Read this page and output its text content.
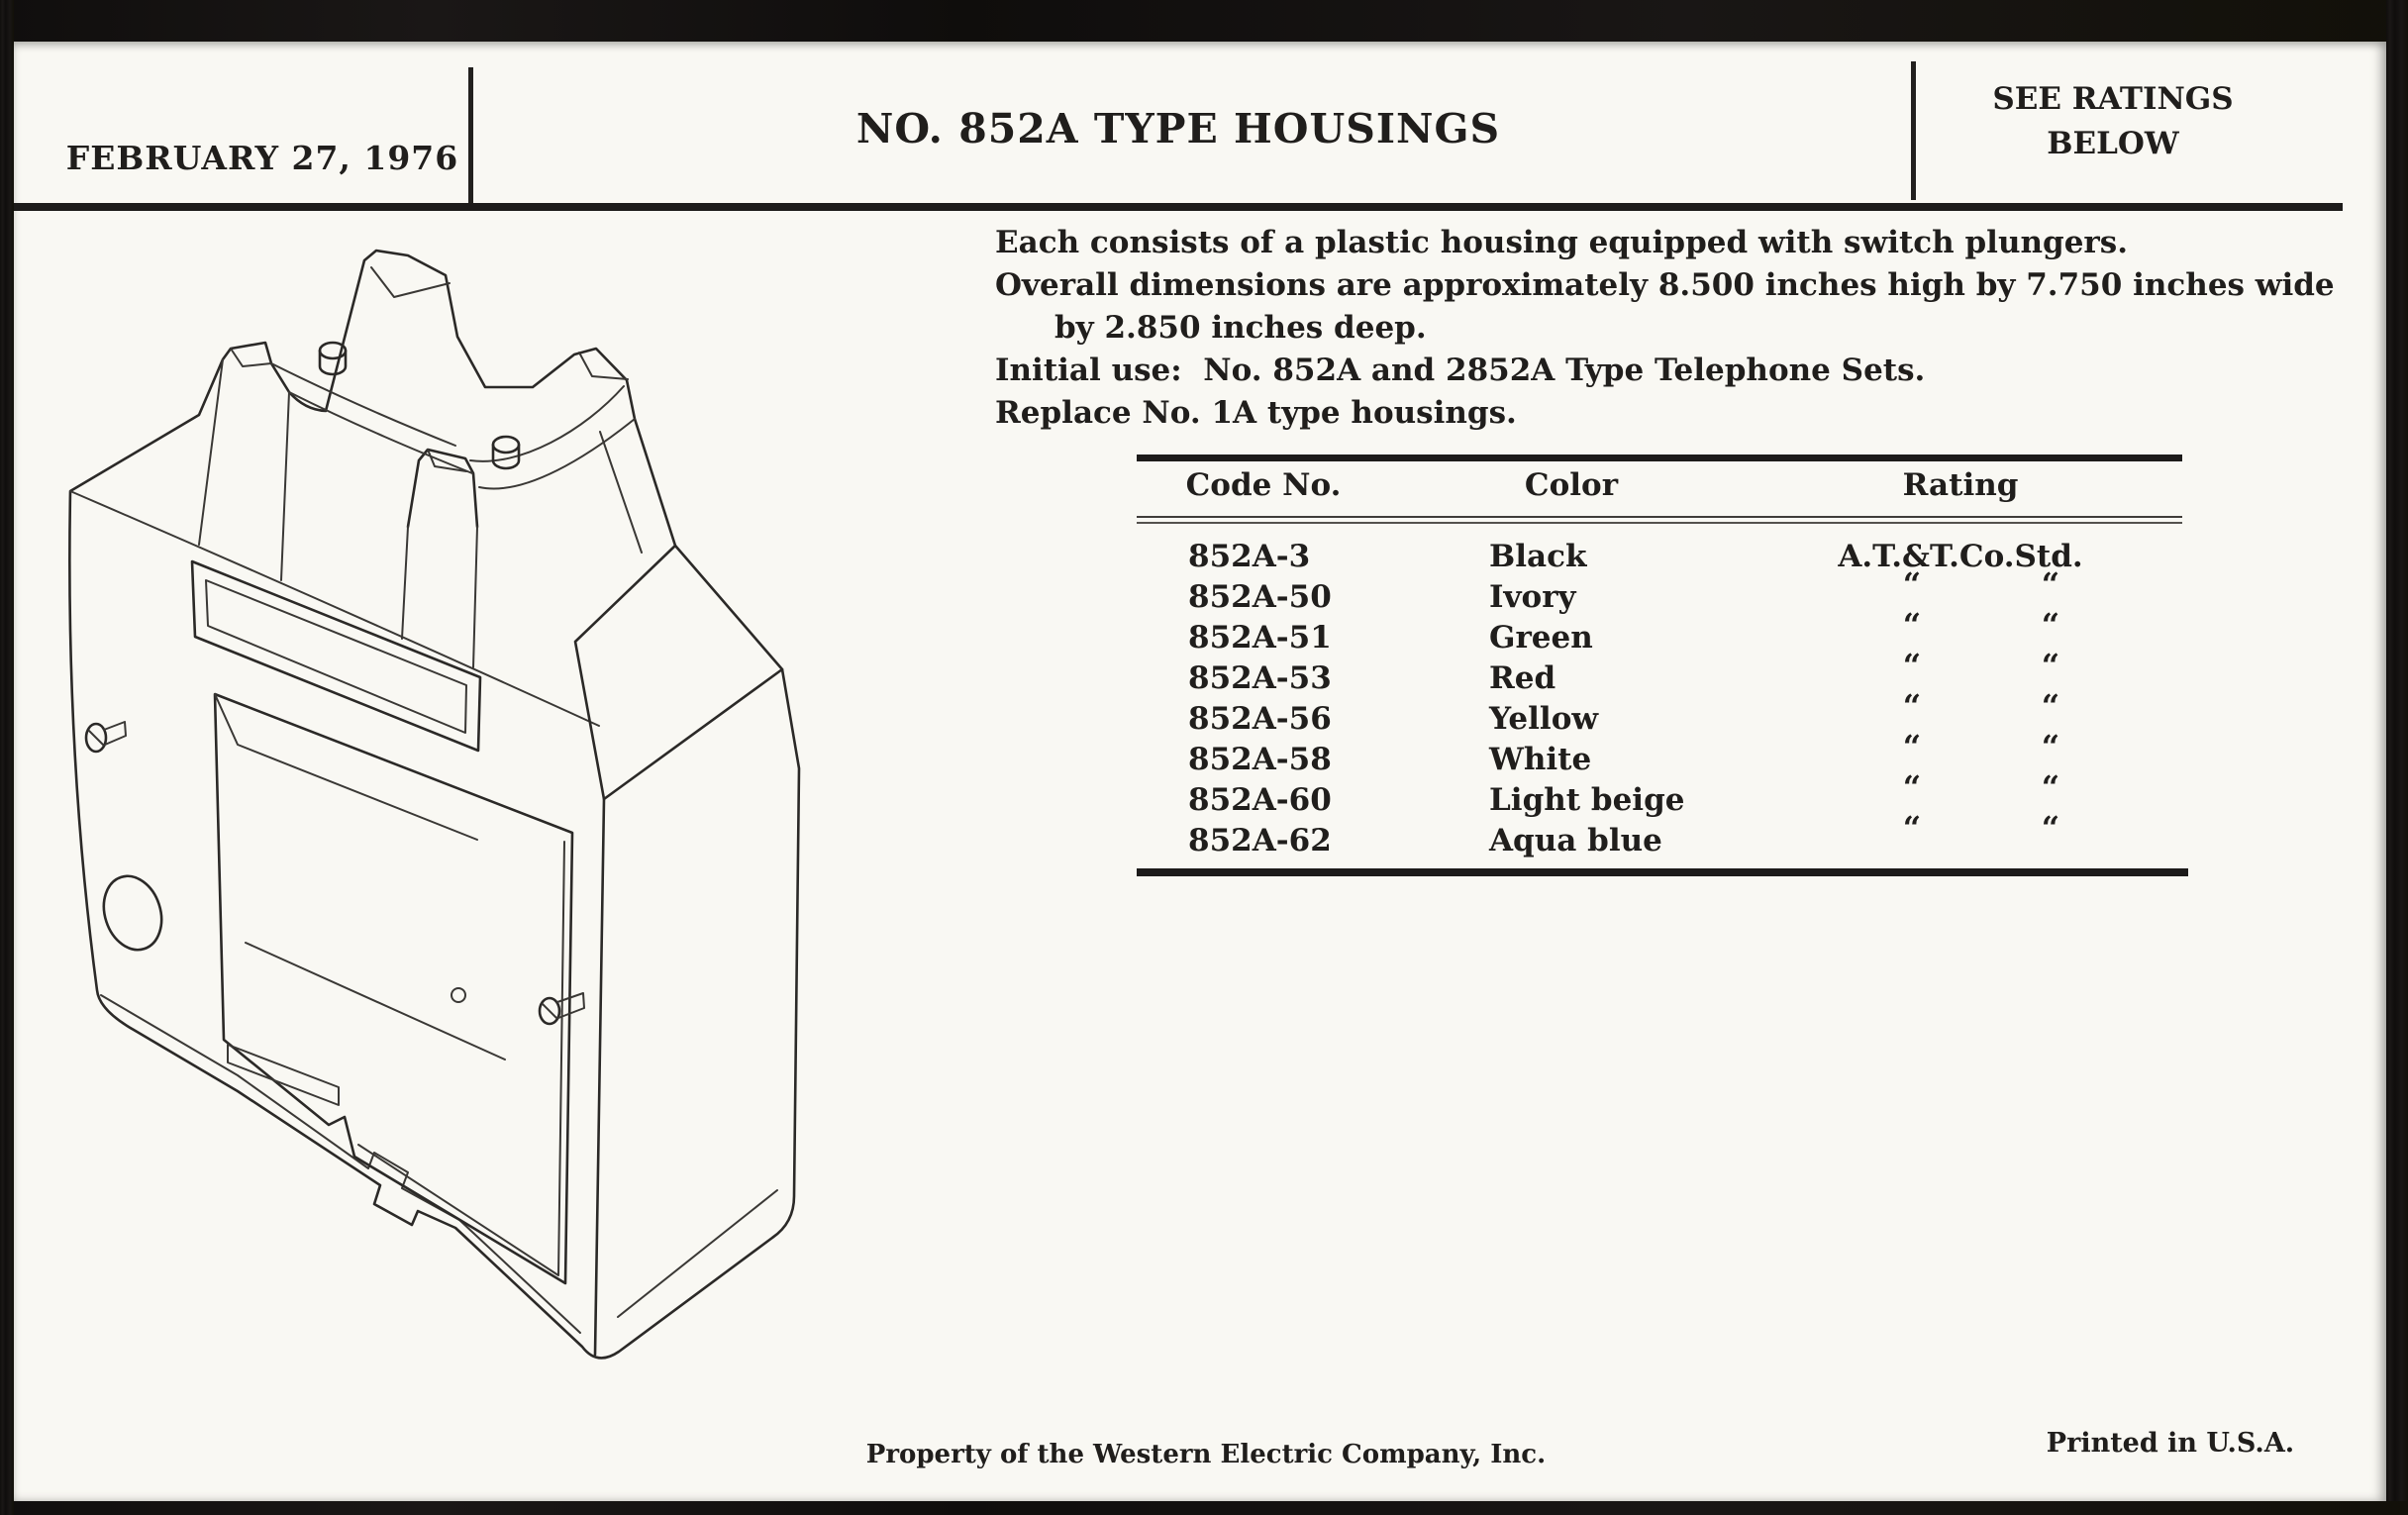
FEBRUARY 27, 1976
NO. 852A TYPE HOUSINGS
SEE RATINGS
BELOW
Each consists of a plastic housing equipped with switch plungers.
Overall dimensions are approximately 8.500 inches high by 7.750 inches wide
by 2.850 inches deep.
Initial use:  No. 852A and 2852A Type Telephone Sets.
Replace No. 1A type housings.
Code No.	Color	Rating
852A-3	Black	A.T.&T.Co.Std.
852A-50	Ivory	“	“
852A-51	Green	“	“
852A-53	Red	“	“
852A-56	Yellow	“	“
852A-58	White	“	“
852A-60	Light beige	“	“
852A-62	Aqua blue	“	“
Property of the Western Electric Company, Inc.	Printed in U.S.A.
